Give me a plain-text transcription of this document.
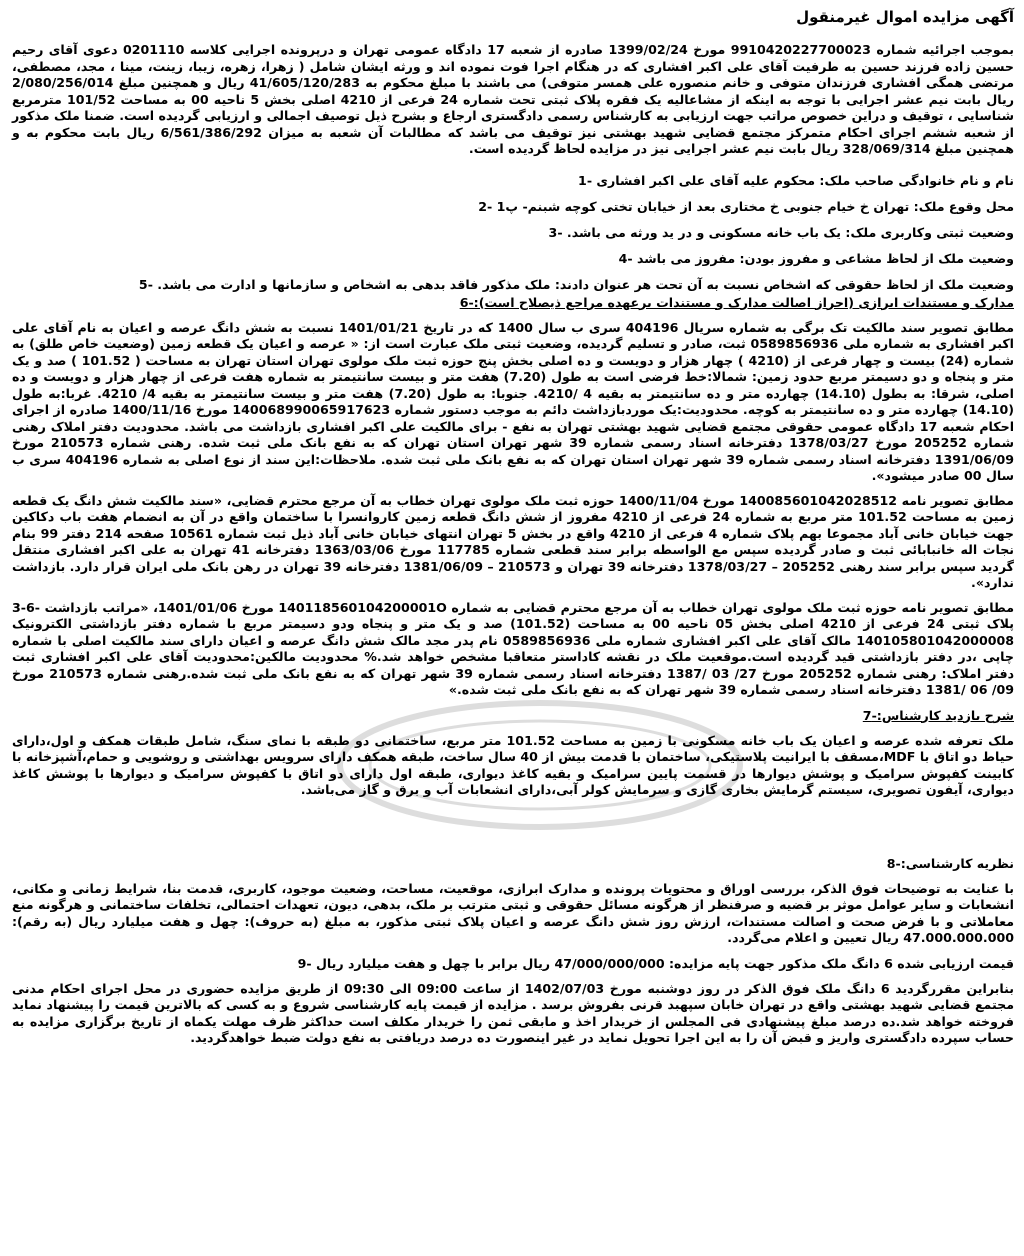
آگهی مزایده اموال غیرمنقول

بموجب اجرائیه شماره 9910420227700023 مورخ 1399/02/24 صادره از شعبه 17 دادگاه عمومی تهران و درپرونده اجرایی کلاسه 0201110 دعوی آقای رحیم حسین زاده فرزند حسین به طرفیت آقای علی اکبر افشاری که در هنگام اجرا فوت نموده اند و ورثه ایشان شامل ( زهرا، زهره، زیبا، زینت، مینا ، مجد، مصطفی، مرتضی همگی افشاری فرزندان متوفی و خانم منصوره علی همسر متوفی) می باشند با مبلغ محکوم به 41/605/120/283 ریال و همچنین مبلغ 2/080/256/014 ریال بابت نیم عشر اجرایی با توجه به اینکه از مشاعالیه یک فقره پلاک ثبتی تحت شماره 24 فرعی از 4210 اصلی بخش 5 ناحیه 00 به مساحت 101/52 مترمربع شناسایی ، توقیف و دراین خصوص مراتب جهت ارزیابی به کارشناس رسمی دادگستری ارجاع و بشرح ذیل توصیف اجمالی و ارزیابی گردیده است. ضمنا ملک مذکور از شعبه ششم اجرای احکام متمرکز مجتمع قضایی شهید بهشتی نیز توقیف می باشد که مطالبات آن شعبه به میزان 6/561/386/292 ریال بابت محکوم به و همچنین مبلغ 328/069/314 ریال بابت نیم عشر اجرایی نیز در مزایده لحاظ گردیده است.

نام و نام خانوادگی صاحب ملک: محکوم علیه آقای علی اکبر افشاری -1

محل وقوع ملک: تهران خ خیام جنوبی خ مختاری بعد از خیابان تختی کوچه شبنم- پ1 -2

وضعیت ثبتی وکاربری ملک: یک باب خانه مسکونی و در ید ورثه می باشد. -3

وضعیت ملک از لحاظ مشاعی و مفروز بودن: مفروز می باشد -4

وضعیت ملک از لحاظ حقوقی که اشخاص نسبت به آن تحت هر عنوان دادند: ملک مذکور فاقد بدهی به اشخاص و سازمانها و ادارت می باشد. -5

مدارک و مستندات ابرازی (احراز اصالت مدارک و مستندات برعهده مراجع ذیصلاح است):-6

مطابق تصویر سند مالکیت تک برگی به شماره سریال 404196 سری ب سال 1400 که در تاریخ 1401/01/21 نسبت به شش دانگ عرصه و اعیان به نام آقای علی اکبر افشاری به شماره ملی 0589856936 ثبت، صادر و تسلیم گردیده، وضعیت ثبتی ملک عبارت است از: « عرصه و اعیان یک قطعه زمین (وضعیت خاص طلق) به شماره (24) بیست و چهار فرعی از (4210 ) چهار هزار و دویست و ده اصلی بخش پنج حوزه ثبت ملک مولوی تهران استان تهران به مساحت ( 101.52 ) صد و یک متر و پنجاه و دو دسیمتر مربع حدود زمین: شمالا:خط فرضی است به طول (7.20) هفت متر و بیست سانتیمتر به شماره هفت فرعی از چهار هزار و دویست و ده اصلی، شرقا: به بطول (14.10) چهارده متر و ده سانتیمتر به بقیه 4 /4210. جنوبا: به طول (7.20) هفت متر و بیست سانتیمتر به بقیه 4/ 4210. غربا:به طول (14.10) چهارده متر و ده سانتیمتر به کوچه. محدودیت:یک موردبازداشت دائم به موجب دستور شماره 140068990065917623 مورخ 1400/11/16 صادره از اجرای احکام شعبه 17 دادگاه عمومی حقوقی مجتمع قضایی شهید بهشتی تهران به نفع - برای مالکیت علی اکبر افشاری بازداشت می باشد. محدودیت دفتر املاک رهنی شماره 205252 مورخ 1378/03/27 دفترخانه اسناد رسمی شماره 39 شهر تهران استان تهران که به نفع بانک ملی ثبت شده. رهنی شماره 210573 مورخ 1391/06/09 دفترخانه اسناد رسمی شماره 39 شهر تهران استان تهران که به نفع بانک ملی ثبت شده. ملاحظات:این سند از نوع اصلی به شماره 404196 سری ب سال 00 صادر میشود».

مطابق تصویر نامه 140085601042028512 مورخ 1400/11/04 حوزه ثبت ملک مولوی تهران خطاب به آن مرجع محترم قضایی، «سند مالکیت شش دانگ یک قطعه زمین به مساحت 101.52 متر مربع به شماره 24 فرعی از 4210 مفروز از شش دانگ قطعه زمین کاروانسرا با ساختمان واقع در آن به انضمام هفت باب دکاکین جهت خیابان خانی آباد مجموعا بهم پلاک شماره 4 فرعی از 4210 واقع در بخش 5 تهران انتهای خیابان خانی آباد ذیل ثبت شماره 10561 صفحه 214 دفتر 99 بنام نجات اله خانبابائی ثبت و صادر گردیده سپس مع الواسطه برابر سند قطعی شماره 117785 مورخ 1363/03/06 دفترخانه 41 تهران به علی اکبر افشاری منتقل گردید سپس برابر سند رهنی 205252 – 1378/03/27 دفترخانه 39 تهران و 210573 – 1381/06/09 دفترخانه 39 تهران در رهن بانک ملی ایران قرار دارد. بازداشت ندارد».

مطابق تصویر نامه حوزه ثبت ملک مولوی تهران خطاب به آن مرجع محترم قضایی به شماره 140118560104200001O مورخ 1401/01/06، «مراتب بازداشت -6-3 پلاک ثبتی 24 فرعی از 4210 اصلی بخش 05 ناحیه 00 به مساحت (101.52) صد و یک متر و پنجاه ودو دسیمتر مربع با شماره دفتر بازداشتی الکترونیک 140105801042000008 مالک آقای علی اکبر افشاری شماره ملی 0589856936 نام پدر مجد مالک شش دانگ عرصه و اعیان دارای سند مالکیت اصلی با شماره چاپی ،در دفتر بازداشتی قید گردیده است.موقعیت ملک در نقشه کاداستر متعاقبا مشخص خواهد شد.% محدودیت مالکین:محدودیت آقای علی اکبر افشاری ثبت دفتر املاک: رهنی شماره 205252 مورخ 27/ 03 /1387 دفترخانه اسناد رسمی شماره 39 شهر تهران که به نفع بانک ملی ثبت شده.رهنی شماره 210573 مورخ 09/ 06 /1381 دفترخانه اسناد رسمی شماره 39 شهر تهران که به نفع بانک ملی ثبت شده.»

شرح بازدید کارشناس:-7

ملک تعرفه شده عرصه و اعیان یک باب خانه مسکونی با زمین به مساحت 101.52 متر مربع، ساختمانی دو طبقه با نمای سنگ، شامل طبقات همکف و اول،دارای حیاط دو اتاق با MDF،مسقف با ایرانیت پلاستیکی، ساختمان با قدمت بیش از 40 سال ساخت، طبقه همکف دارای سرویس بهداشتی و روشویی و حمام،آشپزخانه با کابینت کفپوش سرامیک و پوشش دیوارها در قسمت پایین سرامیک و بقیه کاغذ دیواری، طبقه اول دارای دو اتاق با کفپوش سرامیک و دیوارها با پوشش کاغذ دیواری، آیفون تصویری، سیستم گرمایش بخاری گازی و سرمایش کولر آبی،دارای انشعابات آب و برق و گاز می‌باشد.

نظریه کارشناسی:-8

با عنایت به توضیحات فوق الذکر، بررسی اوراق و محتویات پرونده و مدارک ابرازی، موقعیت، مساحت، وضعیت موجود، کاربری، قدمت بنا، شرایط زمانی و مکانی، انشعابات و سایر عوامل موثر بر قضیه و صرفنظر از هرگونه مسائل حقوقی و ثبتی مترتب بر ملک، بدهی، دیون، تعهدات احتمالی، تخلفات ساختمانی و هرگونه منع معاملاتی و با فرض صحت و اصالت مستندات، ارزش روز شش دانگ عرصه و اعیان پلاک ثبتی مذکور، به مبلغ (به حروف): چهل و هفت میلیارد ریال (به رقم): 47.000.000.000 ریال تعیین و اعلام می‌گردد.

قیمت ارزیابی شده 6 دانگ ملک مذکور جهت پایه مزایده: 47/000/000/000 ریال برابر با چهل و هفت میلیارد ریال -9

بنابراین مقررگردید 6 دانگ ملک فوق الذکر در روز دوشنبه مورخ 1402/07/03 از ساعت 09:00 الی 09:30 از طریق مزایده حضوری در محل اجرای احکام مدنی مجتمع قضایی شهید بهشتی واقع در تهران خابان سپهبد قرنی بفروش برسد . مزایده از قیمت پایه کارشناسی شروع و به کسی که بالاترین قیمت را پیشنهاد نماید فروخته خواهد شد.ده درصد مبلغ پیشنهادی فی المجلس از خریدار اخذ و مابقی ثمن را خریدار مکلف است حداکثر ظرف مهلت یکماه از تاریخ برگزاری مزایده به حساب سپرده دادگستری واریز و قبض آن را به این اجرا تحویل نماید در غیر اینصورت ده درصد دریافتی به نفع دولت ضبط خواهدگردید.
